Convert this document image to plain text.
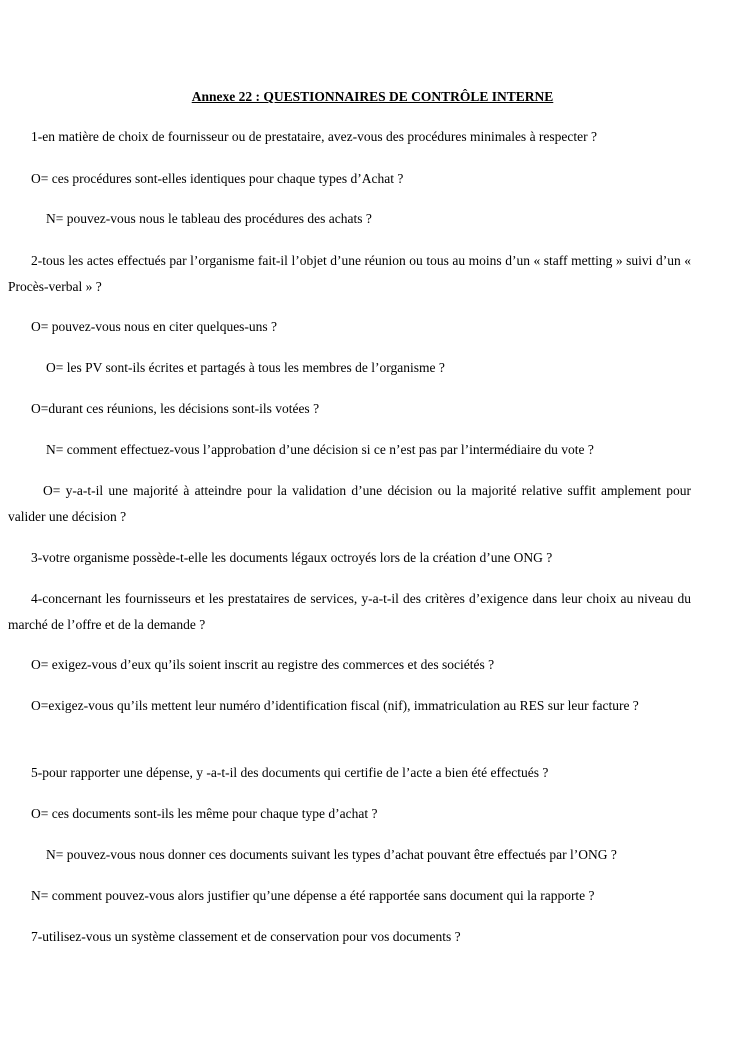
Annexe 22 : QUESTIONNAIRES DE CONTRÔLE INTERNE

1-en matière de choix de fournisseur ou de prestataire, avez-vous des procédures minimales à respecter ?

O= ces procédures sont-elles identiques pour chaque types d’Achat ?

N= pouvez-vous nous le tableau des procédures des achats ?

2-tous les actes effectués par l’organisme fait-il l’objet d’une réunion ou tous au moins d’un « staff metting » suivi d’un « Procès-verbal » ?

O= pouvez-vous nous en citer quelques-uns ?

O= les PV sont-ils écrites et partagés à tous les membres de l’organisme ?

O=durant ces réunions, les décisions sont-ils votées ?

N= comment effectuez-vous l’approbation d’une décision si ce n’est pas par l’intermédiaire du vote ?

O= y-a-t-il une majorité à atteindre pour la validation d’une décision ou la majorité relative suffit amplement pour valider une décision ?

3-votre organisme possède-t-elle les documents légaux octroyés lors de la création d’une ONG ?

4-concernant les fournisseurs et les prestataires de services, y-a-t-il des critères d’exigence dans leur choix au niveau du marché de l’offre et de la demande ?

O= exigez-vous d’eux qu’ils soient inscrit au registre des commerces et des sociétés ?

O=exigez-vous qu’ils mettent leur numéro d’identification fiscal (nif), immatriculation au RES sur leur facture ?

5-pour rapporter une dépense, y -a-t-il des documents qui certifie de l’acte a bien été effectués ?

O= ces documents sont-ils les même pour chaque type d’achat ?

N= pouvez-vous nous donner ces documents suivant les types d’achat pouvant être effectués par l’ONG ?

N= comment pouvez-vous alors justifier qu’une dépense a été rapportée sans document qui la rapporte ?

7-utilisez-vous un système classement et de conservation pour vos documents ?
